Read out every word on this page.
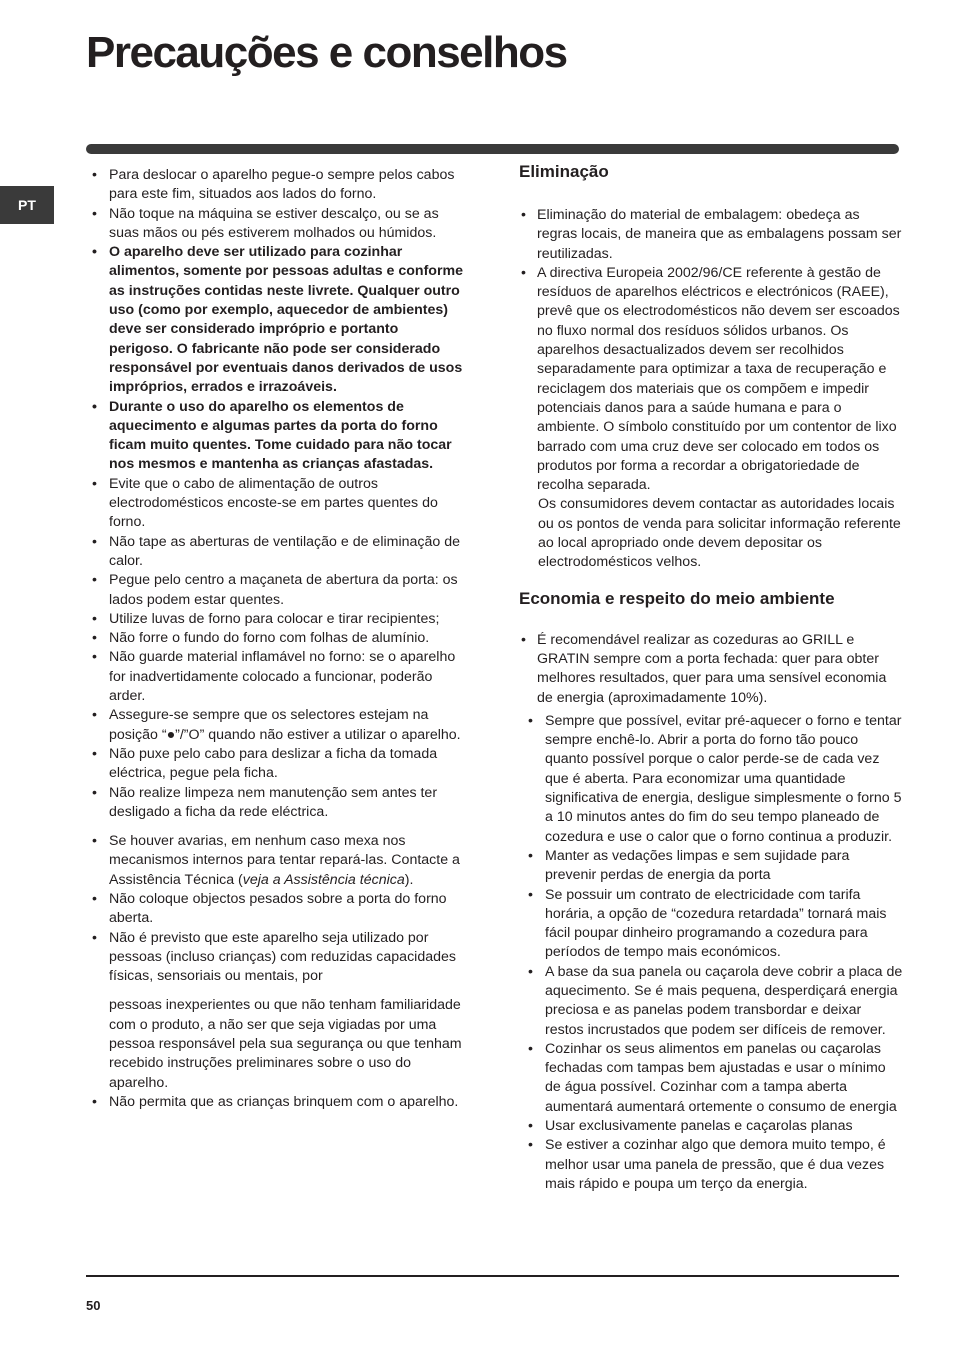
Precauções e conselhos
PT
• Para deslocar o aparelho pegue-o sempre pelos cabos para este fim, situados aos lados do forno.
• Não toque na máquina se estiver descalço, ou se as suas mãos ou pés estiverem molhados ou húmidos.
• O aparelho deve ser utilizado para cozinhar alimentos, somente por pessoas adultas e conforme as instruções contidas neste livrete. Qualquer outro uso (como por exemplo, aquecedor de ambientes) deve ser considerado impróprio e portanto perigoso. O fabricante não pode ser considerado responsável por eventuais danos derivados de usos impróprios, errados e irrazoáveis.
• Durante o uso do aparelho os elementos de aquecimento e algumas partes da porta do forno ficam muito quentes. Tome cuidado para não tocar nos mesmos e mantenha as crianças afastadas.
• Evite que o cabo de alimentação de outros electrodomésticos encoste-se em partes quentes do forno.
• Não tape as aberturas de ventilação e de eliminação de calor.
• Pegue pelo centro a maçaneta de abertura da porta: os lados podem estar quentes.
• Utilize luvas de forno para colocar e tirar recipientes;
• Não forre o fundo do forno com folhas de alumínio.
• Não guarde material inflamável no forno: se o aparelho for inadvertidamente colocado a funcionar, poderão arder.
• Assegure-se sempre que os selectores estejam na posição “●”/”O” quando não estiver a utilizar o aparelho.
• Não puxe pelo cabo para deslizar a ficha da tomada eléctrica, pegue pela ficha.
• Não realize limpeza nem manutenção sem antes ter desligado a ficha da rede eléctrica.
• Se houver avarias, em nenhum caso mexa nos mecanismos internos para tentar repará-las. Contacte a Assistência Técnica (veja a Assistência técnica).
• Não coloque objectos pesados sobre a porta do forno aberta.
• Não é previsto que este aparelho seja utilizado por pessoas (incluso crianças) com reduzidas capacidades físicas, sensoriais ou mentais, por
pessoas inexperientes ou que não tenham familiaridade com o produto, a não ser que seja vigiadas por uma pessoa responsável pela sua segurança ou que tenham recebido instruções preliminares sobre o uso do aparelho.
• Não permita que as crianças brinquem com o aparelho.
Eliminação
• Eliminação do material de embalagem: obedeça as regras locais, de maneira que as embalagens possam ser reutilizadas.
• A directiva Europeia 2002/96/CE referente à gestão de resíduos de aparelhos eléctricos e electrónicos (RAEE), prevê que os electrodomésticos não devem ser escoados no fluxo normal dos resíduos sólidos urbanos. Os aparelhos desactualizados devem ser recolhidos separadamente para optimizar a taxa de recuperação e reciclagem dos materiais que os compõem e impedir potenciais danos para a saúde humana e para o ambiente. O símbolo constituído por um contentor de lixo barrado com uma cruz deve ser colocado em todos os produtos por forma a recordar a obrigatoriedade de recolha separada.
Os consumidores devem contactar as autoridades locais ou os pontos de venda para solicitar informação referente ao local apropriado onde devem depositar os electrodomésticos velhos.
Economia e respeito do meio ambiente
• É recomendável realizar as cozeduras ao GRILL e GRATIN sempre com a porta fechada: quer para obter melhores resultados, quer para uma sensível economia de energia (aproximadamente 10%).
• Sempre que possível, evitar pré-aquecer o forno e tentar sempre enchê-lo. Abrir a porta do forno tão pouco quanto possível porque o calor perde-se de cada vez que é aberta. Para economizar uma quantidade significativa de energia, desligue simplesmente o forno 5 a 10 minutos antes do fim do seu tempo planeado de cozedura e use o calor que o forno continua a produzir.
• Manter as vedações limpas e sem sujidade para prevenir perdas de energia da porta
• Se possuir um contrato de electricidade com tarifa horária, a opção de “cozedura retardada” tornará mais fácil poupar dinheiro programando a cozedura para períodos de tempo mais económicos.
• A base da sua panela ou caçarola deve cobrir a placa de aquecimento. Se é mais pequena, desperdiçará energia preciosa e as panelas podem transbordar e deixar restos incrustados que podem ser difíceis de remover.
• Cozinhar os seus alimentos em panelas ou caçarolas fechadas com tampas bem ajustadas e usar o mínimo de água possível. Cozinhar com a tampa aberta aumentará aumentará ortemente o consumo de energia
• Usar exclusivamente panelas e caçarolas planas
• Se estiver a cozinhar algo que demora muito tempo, é melhor usar uma panela de pressão, que é dua vezes mais rápido e poupa um terço da energia.
50
